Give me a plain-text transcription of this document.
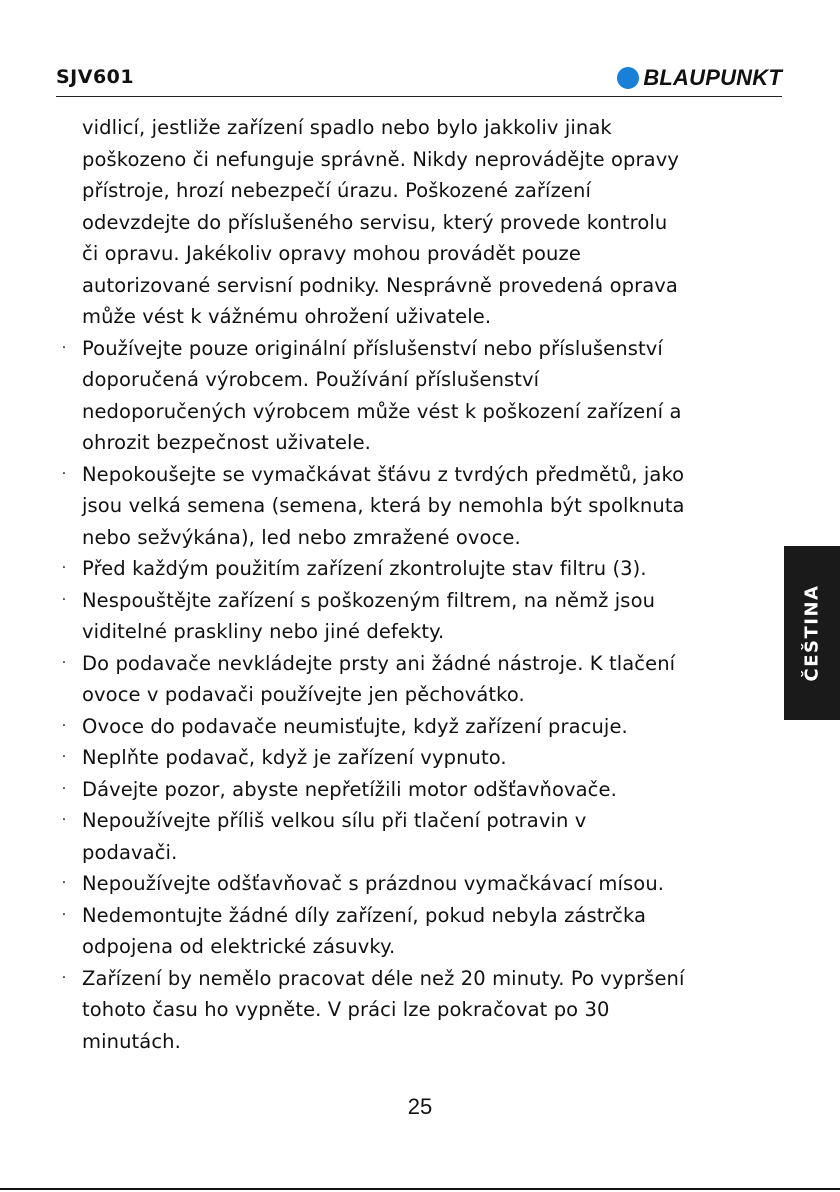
SJV601	BLAUPUNKT
vidlicí, jestliže zařízení spadlo nebo bylo jakkoliv jinak
poškozeno či nefunguje správně. Nikdy neprovádějte opravy
přístroje, hrozí nebezpečí úrazu. Poškozené zařízení
odevzdejte do příslušeného servisu, který provede kontrolu
či opravu. Jakékoliv opravy mohou provádět pouze
autorizované servisní podniky. Nesprávně provedená oprava
může vést k vážnému ohrožení uživatele.
· Používejte pouze originální příslušenství nebo příslušenství
doporučená výrobcem. Používání příslušenství
nedoporučených výrobcem může vést k poškození zařízení a
ohrozit bezpečnost uživatele.
· Nepokoušejte se vymačkávat šťávu z tvrdých předmětů, jako
jsou velká semena (semena, která by nemohla být spolknuta
nebo sežvýkána), led nebo zmražené ovoce.
· Před každým použitím zařízení zkontrolujte stav filtru (3).
· Nespouštějte zařízení s poškozeným filtrem, na němž jsou
viditelné praskliny nebo jiné defekty.
· Do podavače nevkládejte prsty ani žádné nástroje. K tlačení
ovoce v podavači používejte jen pěchovátko.
· Ovoce do podavače neumisťujte, když zařízení pracuje.
· Neplňte podavač, když je zařízení vypnuto.
· Dávejte pozor, abyste nepřetížili motor odšťavňovače.
· Nepoužívejte příliš velkou sílu při tlačení potravin v
podavači.
· Nepoužívejte odšťavňovač s prázdnou vymačkávací mísou.
· Nedemontujte žádné díly zařízení, pokud nebyla zástrčka
odpojena od elektrické zásuvky.
· Zařízení by nemělo pracovat déle než 20 minuty. Po vypršení
tohoto času ho vypněte. V práci lze pokračovat po 30
minutách.
ČEŠTINA
25
